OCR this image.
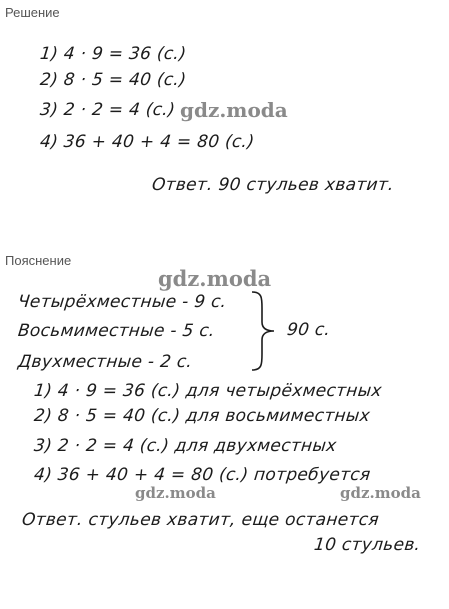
Решение
1) 4 · 9 = 36 (с.)
2) 8 · 5 = 40 (с.)
3) 2 · 2 = 4 (с.)
4) 36 + 40 + 4 = 80 (с.)
gdz.moda
Ответ. 90 стульев хватит.
Пояснение
gdz.moda
Четырёхместные - 9 с.
Восьмиместные - 5 с.
Двухместные - 2 с.
90 с.
1) 4 · 9 = 36 (с.) для четырёхместных
2) 8 · 5 = 40 (с.) для восьмиместных
3) 2 · 2 = 4 (с.) для двухместных
4) 36 + 40 + 4 = 80 (с.) потребуется
gdz.moda	gdz.moda
Ответ. стульев хватит, еще останется
10 стульев.
